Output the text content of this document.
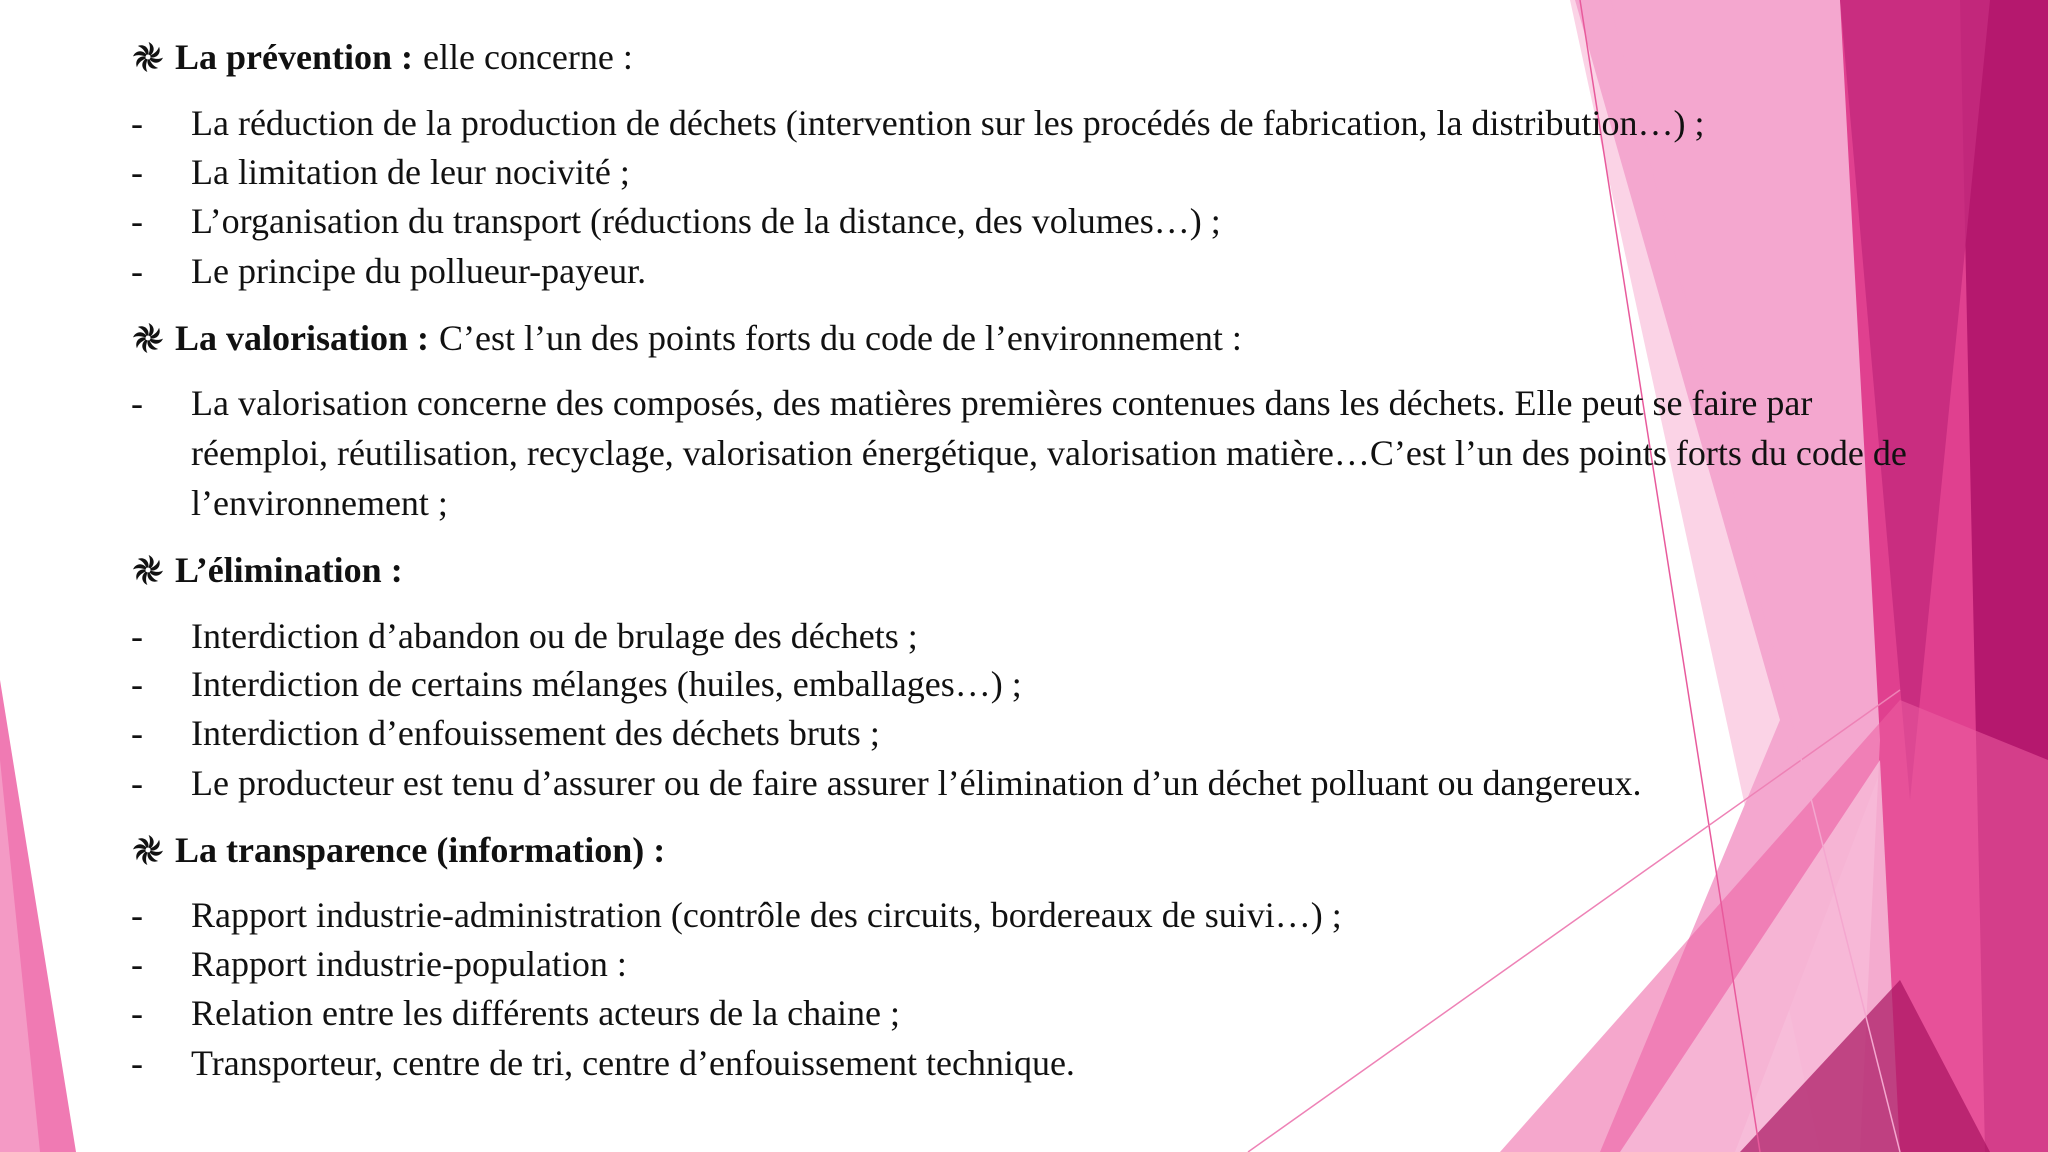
La prévention : elle concerne :
-	La réduction de la production de déchets (intervention sur les procédés de fabrication, la distribution…) ;
-	La limitation de leur nocivité ;
-	L’organisation du transport (réductions de la distance, des volumes…) ;
-	Le principe du pollueur-payeur.
La valorisation : C’est l’un des points forts du code de l’environnement :
-	La valorisation concerne des composés, des matières premières contenues dans les déchets. Elle peut se faire par réemploi, réutilisation, recyclage, valorisation énergétique, valorisation matière…C’est l’un des points forts du code de l’environnement ;
L’élimination :
-	Interdiction d’abandon ou de brulage des déchets ;
-	Interdiction de certains mélanges (huiles, emballages…) ;
-	Interdiction d’enfouissement des déchets bruts ;
-	Le producteur est tenu d’assurer ou de faire assurer l’élimination d’un déchet polluant ou dangereux.
La transparence (information) :
-	Rapport industrie-administration (contrôle des circuits, bordereaux de suivi…) ;
-	Rapport industrie-population :
-	Relation entre les différents acteurs de la chaine ;
-	Transporteur, centre de tri, centre d’enfouissement technique.
